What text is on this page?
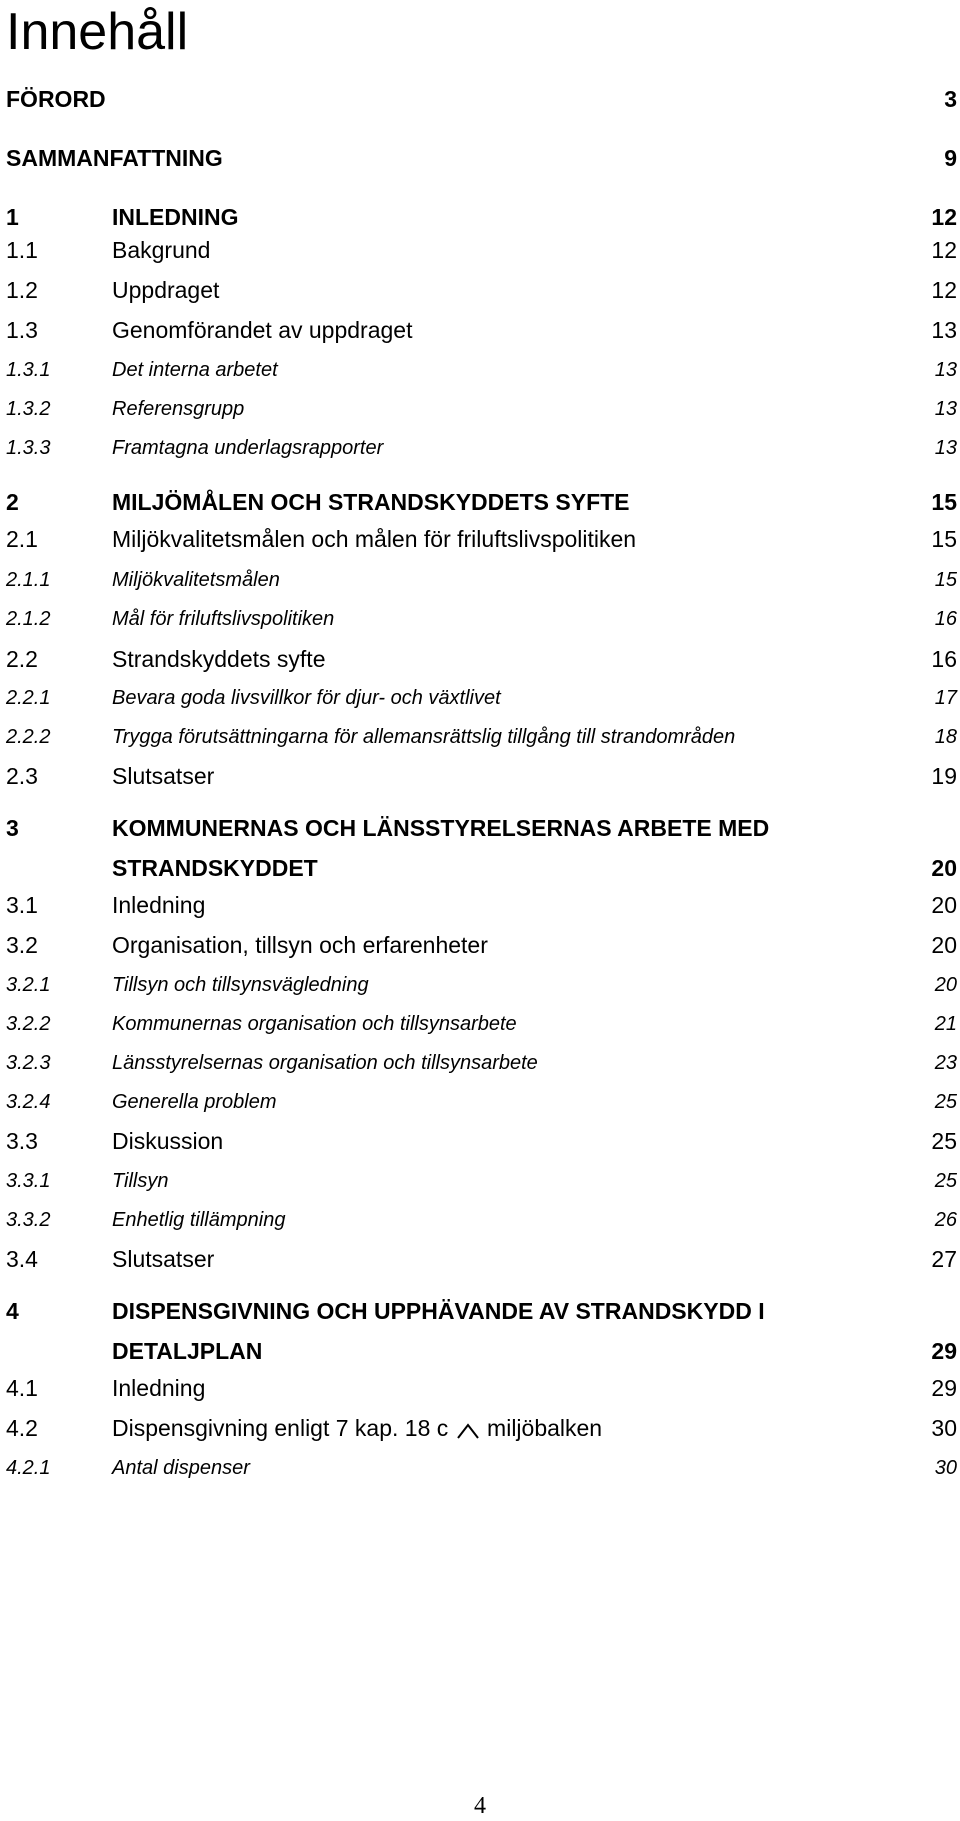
Innehåll
FÖRORD	3
SAMMANFATTNING	9
1	INLEDNING	12
1.1	Bakgrund	12
1.2	Uppdraget	12
1.3	Genomförandet av uppdraget	13
1.3.1	Det interna arbetet	13
1.3.2	Referensgrupp	13
1.3.3	Framtagna underlagsrapporter	13
2	MILJÖMÅLEN OCH STRANDSKYDDETS SYFTE	15
2.1	Miljökvalitetsmålen och målen för friluftslivspolitiken	15
2.1.1	Miljökvalitetsmålen	15
2.1.2	Mål för friluftslivspolitiken	16
2.2	Strandskyddets syfte	16
2.2.1	Bevara goda livsvillkor för djur- och växtlivet	17
2.2.2	Trygga förutsättningarna för allemansrättslig tillgång till strandområden	18
2.3	Slutsatser	19
3	KOMMUNERNAS OCH LÄNSSTYRELSERNAS ARBETE MED
STRANDSKYDDET	20
3.1	Inledning	20
3.2	Organisation, tillsyn och erfarenheter	20
3.2.1	Tillsyn och tillsynsvägledning	20
3.2.2	Kommunernas organisation och tillsynsarbete	21
3.2.3	Länsstyrelsernas organisation och tillsynsarbete	23
3.2.4	Generella problem	25
3.3	Diskussion	25
3.3.1	Tillsyn	25
3.3.2	Enhetlig tillämpning	26
3.4	Slutsatser	27
4	DISPENSGIVNING OCH UPPHÄVANDE AV STRANDSKYDD I
DETALJPLAN	29
4.1	Inledning	29
4.2	Dispensgivning enligt 7 kap. 18 c miljöbalken	30
4.2.1	Antal dispenser	30
4
